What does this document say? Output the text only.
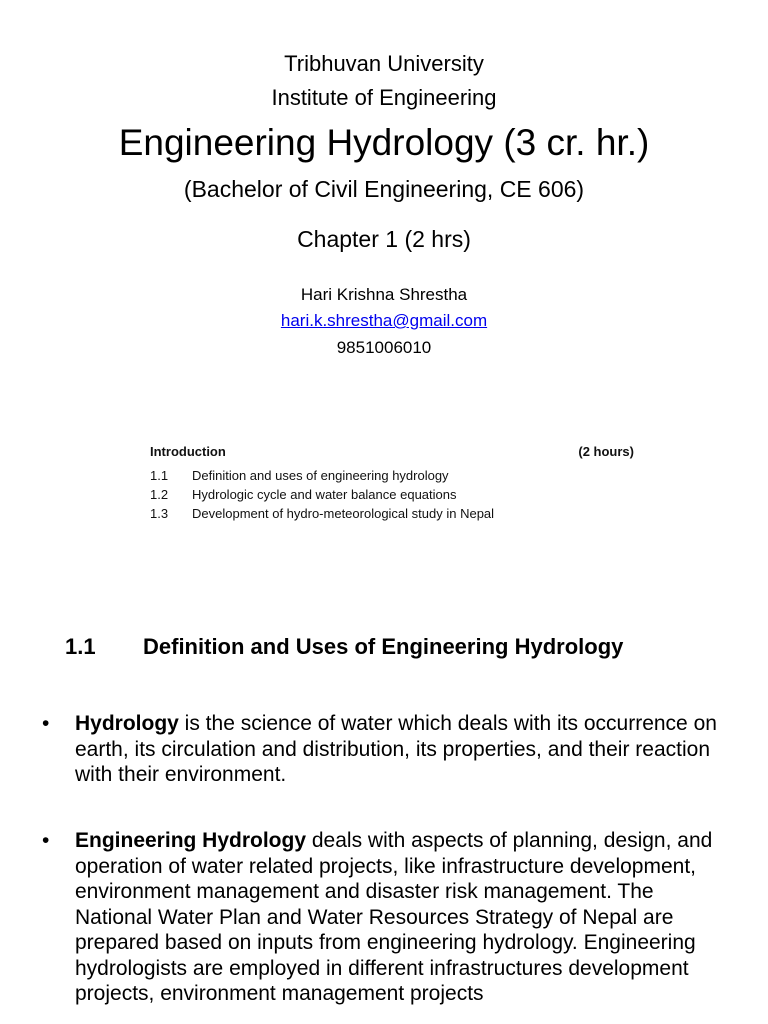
Tribhuvan University
Institute of Engineering
Engineering Hydrology (3 cr. hr.)
(Bachelor of Civil Engineering, CE 606)
Chapter 1 (2 hrs)
Hari Krishna Shrestha
hari.k.shrestha@gmail.com
9851006010
Introduction	(2 hours)
1.1	Definition and uses of engineering hydrology
1.2	Hydrologic cycle and water balance equations
1.3	Development of hydro-meteorological study in Nepal
1.1 Definition and Uses of Engineering Hydrology
•	Hydrology is the science of water which deals with its occurrence on earth, its circulation and distribution, its properties, and their reaction with their environment.
•	Engineering Hydrology deals with aspects of planning, design, and operation of water related projects, like infrastructure development, environment management and disaster risk management. The National Water Plan and Water Resources Strategy of Nepal are prepared based on inputs from engineering hydrology. Engineering hydrologists are employed in different infrastructures development projects, environment management projects
